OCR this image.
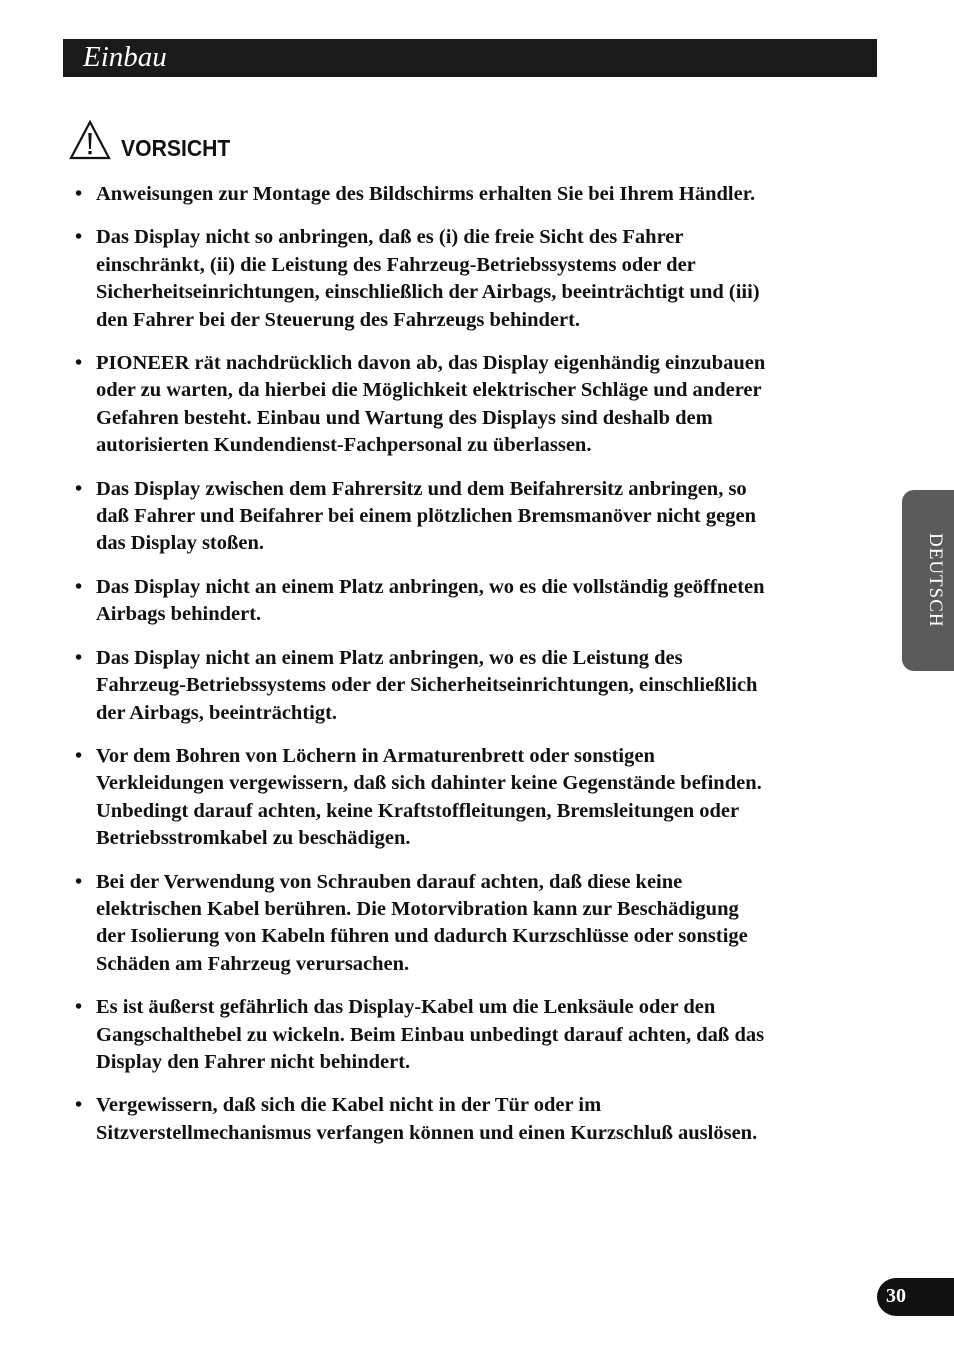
Einbau
VORSICHT
• Anweisungen zur Montage des Bildschirms erhalten Sie bei Ihrem Händler.
• Das Display nicht so anbringen, daß es (i) die freie Sicht des Fahrer
einschränkt, (ii) die Leistung des Fahrzeug-Betriebssystems oder der
Sicherheitseinrichtungen, einschließlich der Airbags, beeinträchtigt und (iii)
den Fahrer bei der Steuerung des Fahrzeugs behindert.
• PIONEER rät nachdrücklich davon ab, das Display eigenhändig einzubauen
oder zu warten, da hierbei die Möglichkeit elektrischer Schläge und anderer
Gefahren besteht. Einbau und Wartung des Displays sind deshalb dem
autorisierten Kundendienst-Fachpersonal zu überlassen.
• Das Display zwischen dem Fahrersitz und dem Beifahrersitz anbringen, so
daß Fahrer und Beifahrer bei einem plötzlichen Bremsmanöver nicht gegen
das Display stoßen.
• Das Display nicht an einem Platz anbringen, wo es die vollständig geöffneten
Airbags behindert.
• Das Display nicht an einem Platz anbringen, wo es die Leistung des
Fahrzeug-Betriebssystems oder der Sicherheitseinrichtungen, einschließlich
der Airbags, beeinträchtigt.
• Vor dem Bohren von Löchern in Armaturenbrett oder sonstigen
Verkleidungen vergewissern, daß sich dahinter keine Gegenstände befinden.
Unbedingt darauf achten, keine Kraftstoffleitungen, Bremsleitungen oder
Betriebsstromkabel zu beschädigen.
• Bei der Verwendung von Schrauben darauf achten, daß diese keine
elektrischen Kabel berühren. Die Motorvibration kann zur Beschädigung
der Isolierung von Kabeln führen und dadurch Kurzschlüsse oder sonstige
Schäden am Fahrzeug verursachen.
• Es ist äußerst gefährlich das Display-Kabel um die Lenksäule oder den
Gangschalthebel zu wickeln. Beim Einbau unbedingt darauf achten, daß das
Display den Fahrer nicht behindert.
• Vergewissern, daß sich die Kabel nicht in der Tür oder im
Sitzverstellmechanismus verfangen können und einen Kurzschluß auslösen.
DEUTSCH
30
